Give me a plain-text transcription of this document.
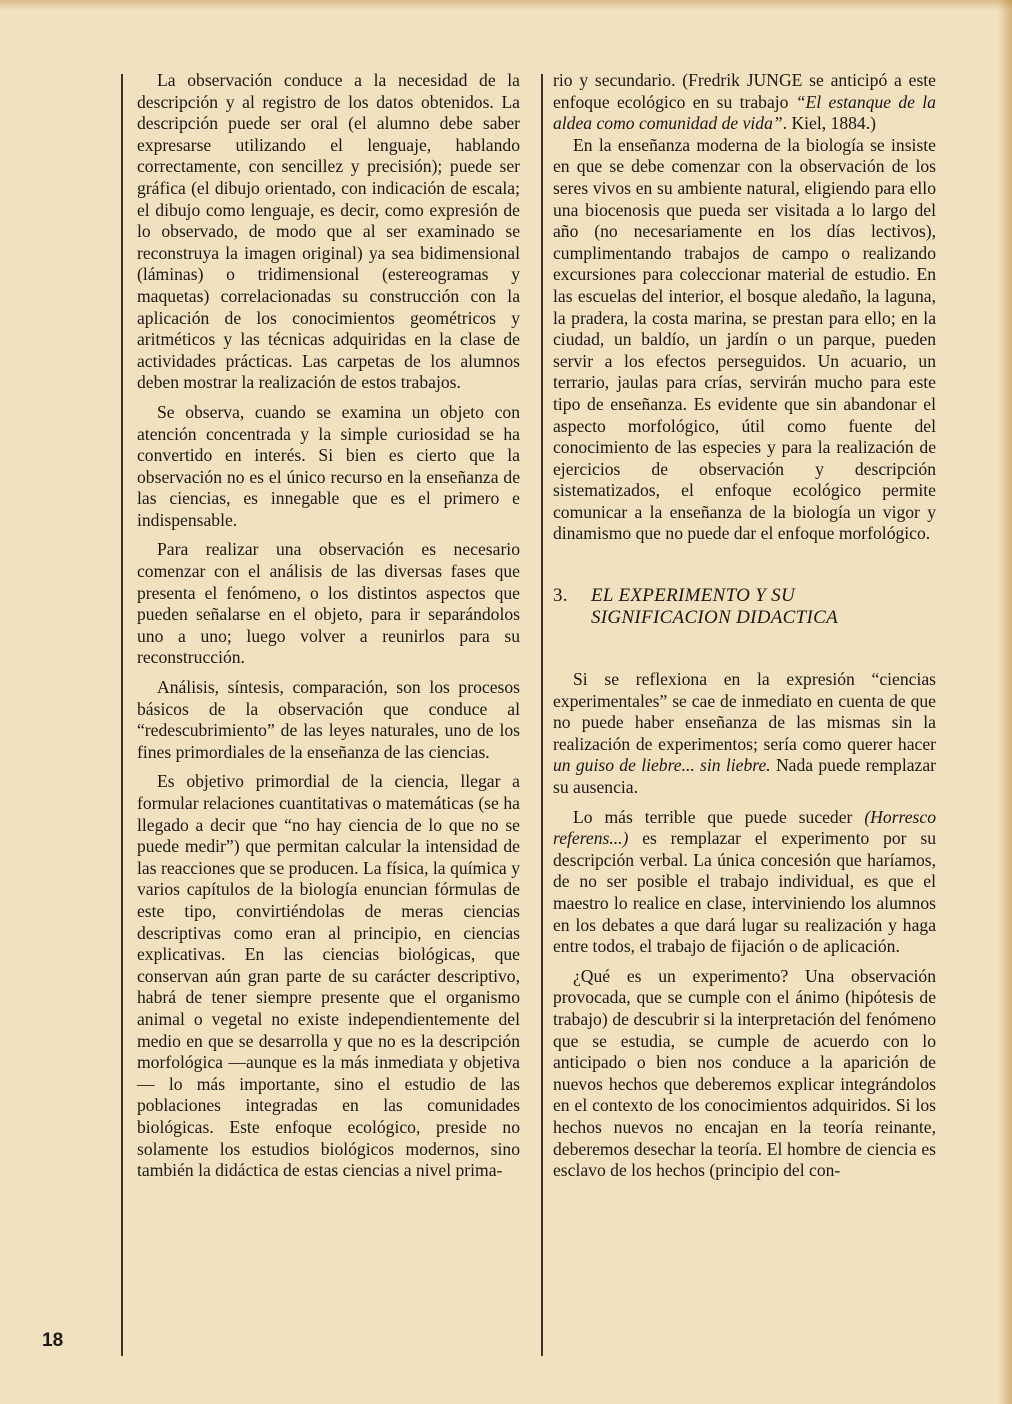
La observación conduce a la necesidad de la descripción y al registro de los datos obtenidos. La descripción puede ser oral (el alumno debe saber expresarse utilizando el lenguaje, hablando correctamente, con sencillez y precisión); puede ser gráfica (el dibujo orientado, con indicación de escala; el dibujo como lenguaje, es decir, como expresión de lo observado, de modo que al ser examinado se reconstruya la imagen original) ya sea bidimensional (láminas) o tridimensional (estereogramas y maquetas) correlacionadas su construcción con la aplicación de los conocimientos geométricos y aritméticos y las técnicas adquiridas en la clase de actividades prácticas. Las carpetas de los alumnos deben mostrar la realización de estos trabajos.

Se observa, cuando se examina un objeto con atención concentrada y la simple curiosidad se ha convertido en interés. Si bien es cierto que la observación no es el único recurso en la enseñanza de las ciencias, es innegable que es el primero e indispensable.

Para realizar una observación es necesario comenzar con el análisis de las diversas fases que presenta el fenómeno, o los distintos aspectos que pueden señalarse en el objeto, para ir separándolos uno a uno; luego volver a reunirlos para su reconstrucción.

Análisis, síntesis, comparación, son los procesos básicos de la observación que conduce al “redescubrimiento” de las leyes naturales, uno de los fines primordiales de la enseñanza de las ciencias.

Es objetivo primordial de la ciencia, llegar a formular relaciones cuantitativas o matemáticas (se ha llegado a decir que “no hay ciencia de lo que no se puede medir”) que permitan calcular la intensidad de las reacciones que se producen. La física, la química y varios capítulos de la biología enuncian fórmulas de este tipo, convirtiéndolas de meras ciencias descriptivas como eran al principio, en ciencias explicativas. En las ciencias biológicas, que conservan aún gran parte de su carácter descriptivo, habrá de tener siempre presente que el organismo animal o vegetal no existe independientemente del medio en que se desarrolla y que no es la descripción morfológica —aunque es la más inmediata y objetiva— lo más importante, sino el estudio de las poblaciones integradas en las comunidades biológicas. Este enfoque ecológico, preside no solamente los estudios biológicos modernos, sino también la didáctica de estas ciencias a nivel prima-

rio y secundario. (Fredrik JUNGE se anticipó a este enfoque ecológico en su trabajo “El estanque de la aldea como comunidad de vida”. Kiel, 1884.)

En la enseñanza moderna de la biología se insiste en que se debe comenzar con la observación de los seres vivos en su ambiente natural, eligiendo para ello una biocenosis que pueda ser visitada a lo largo del año (no necesariamente en los días lectivos), cumplimentando trabajos de campo o realizando excursiones para coleccionar material de estudio. En las escuelas del interior, el bosque aledaño, la laguna, la pradera, la costa marina, se prestan para ello; en la ciudad, un baldío, un jardín o un parque, pueden servir a los efectos perseguidos. Un acuario, un terrario, jaulas para crías, servirán mucho para este tipo de enseñanza. Es evidente que sin abandonar el aspecto morfológico, útil como fuente del conocimiento de las especies y para la realización de ejercicios de observación y descripción sistematizados, el enfoque ecológico permite comunicar a la enseñanza de la biología un vigor y dinamismo que no puede dar el enfoque morfológico.

3. EL EXPERIMENTO Y SU
SIGNIFICACION DIDACTICA

Si se reflexiona en la expresión “ciencias experimentales” se cae de inmediato en cuenta de que no puede haber enseñanza de las mismas sin la realización de experimentos; sería como querer hacer un guiso de liebre... sin liebre. Nada puede remplazar su ausencia.

Lo más terrible que puede suceder (Horresco referens...) es remplazar el experimento por su descripción verbal. La única concesión que haríamos, de no ser posible el trabajo individual, es que el maestro lo realice en clase, interviniendo los alumnos en los debates a que dará lugar su realización y haga entre todos, el trabajo de fijación o de aplicación.

¿Qué es un experimento? Una observación provocada, que se cumple con el ánimo (hipótesis de trabajo) de descubrir si la interpretación del fenómeno que se estudia, se cumple de acuerdo con lo anticipado o bien nos conduce a la aparición de nuevos hechos que deberemos explicar integrándolos en el contexto de los conocimientos adquiridos. Si los hechos nuevos no encajan en la teoría reinante, deberemos desechar la teoría. El hombre de ciencia es esclavo de los hechos (principio del con-

18
